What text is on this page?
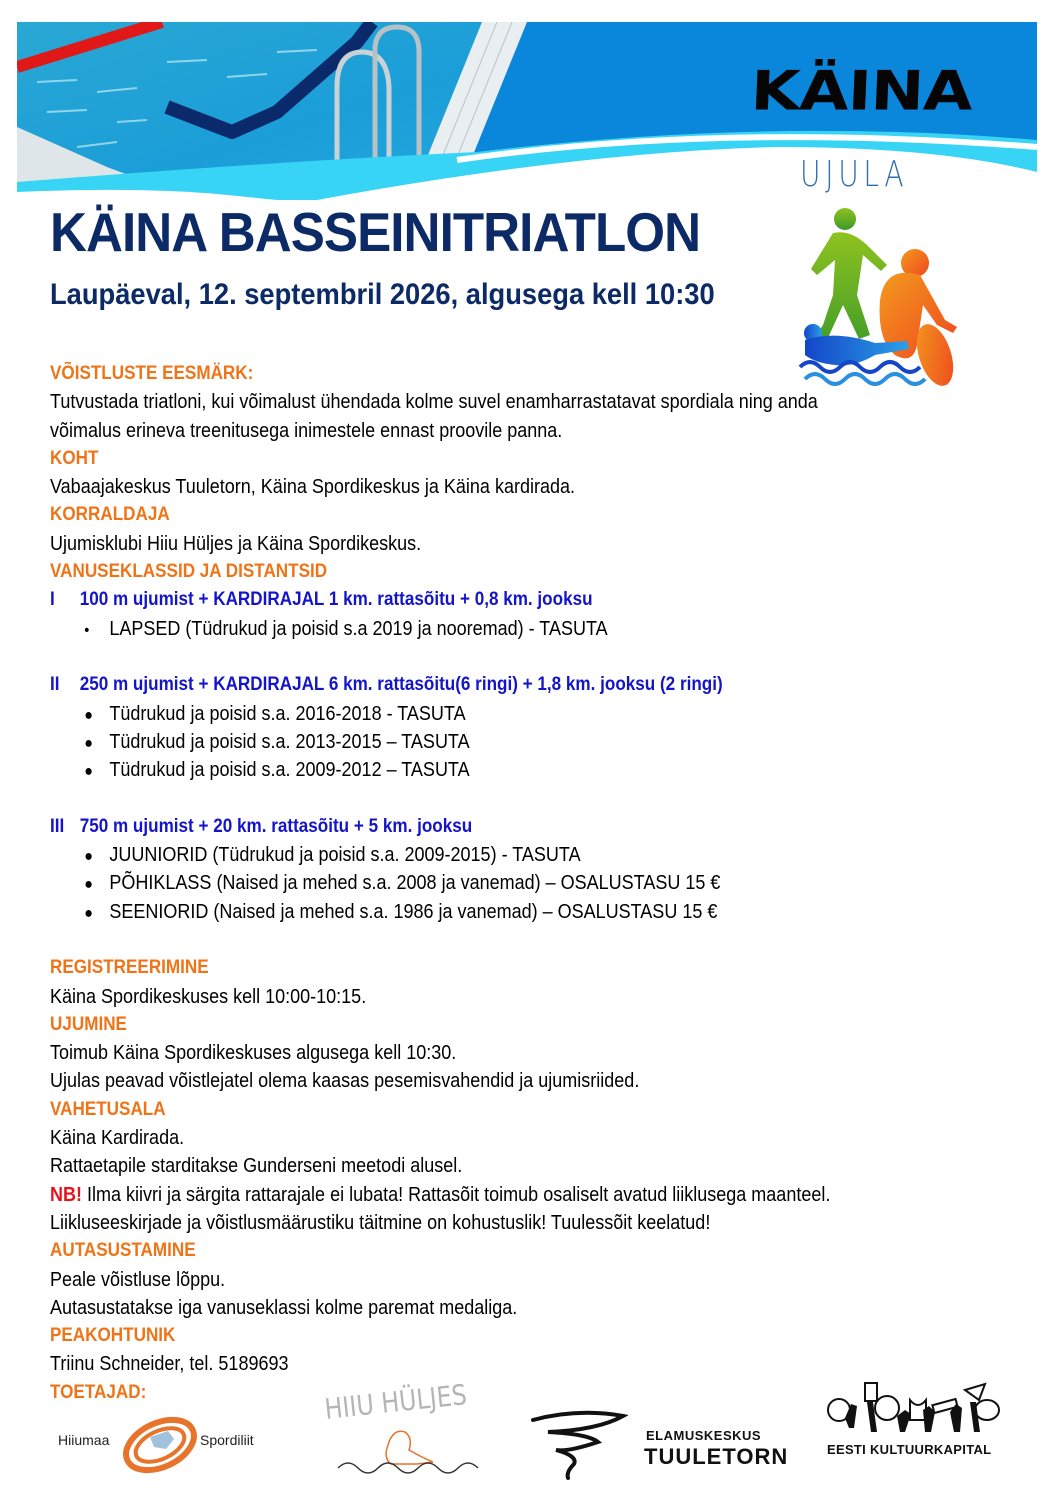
KÄINA
UJULA
KÄINA BASSEINITRIATLON
Laupäeval, 12. septembril 2026, algusega kell 10:30
VÕISTLUSTE EESMÄRK:
Tutvustada triatloni, kui võimalust ühendada kolme suvel enamharrastatavat spordiala ning anda
võimalus erineva treenitusega inimestele ennast proovile panna.
KOHT
Vabaajakeskus Tuuletorn, Käina Spordikeskus ja Käina kardirada.
KORRALDAJA
Ujumisklubi Hiiu Hüljes ja Käina Spordikeskus.
VANUSEKLASSID JA DISTANTSID
I 100 m ujumist + KARDIRAJAL 1 km. rattasõitu + 0,8 km. jooksu
• LAPSED (Tüdrukud ja poisid s.a 2019 ja nooremad) - TASUTA
II 250 m ujumist + KARDIRAJAL 6 km. rattasõitu(6 ringi) + 1,8 km. jooksu (2 ringi)
● Tüdrukud ja poisid s.a. 2016-2018 - TASUTA
● Tüdrukud ja poisid s.a. 2013-2015 – TASUTA
● Tüdrukud ja poisid s.a. 2009-2012 – TASUTA
III 750 m ujumist + 20 km. rattasõitu + 5 km. jooksu
● JUUNIORID (Tüdrukud ja poisid s.a. 2009-2015) - TASUTA
● PÕHIKLASS (Naised ja mehed s.a. 2008 ja vanemad) – OSALUSTASU 15 €
● SEENIORID (Naised ja mehed s.a. 1986 ja vanemad) – OSALUSTASU 15 €
REGISTREERIMINE
Käina Spordikeskuses kell 10:00-10:15.
UJUMINE
Toimub Käina Spordikeskuses algusega kell 10:30.
Ujulas peavad võistlejatel olema kaasas pesemisvahendid ja ujumisriided.
VAHETUSALA
Käina Kardirada.
Rattaetapile starditakse Gunderseni meetodi alusel.
NB! Ilma kiivri ja särgita rattarajale ei lubata! Rattasõit toimub osaliselt avatud liiklusega maanteel.
Liikluseeskirjade ja võistlusmäärustiku täitmine on kohustuslik! Tuulessõit keelatud!
AUTASUSTAMINE
Peale võistluse lõppu.
Autasustatakse iga vanuseklassi kolme paremat medaliga.
PEAKOHTUNIK
Triinu Schneider, tel. 5189693
TOETAJAD:
Hiiumaa	Spordiliit
HIIU HÜLJES
ELAMUSKESKUS
TUULETORN	EESTI KULTUURKAPITAL
